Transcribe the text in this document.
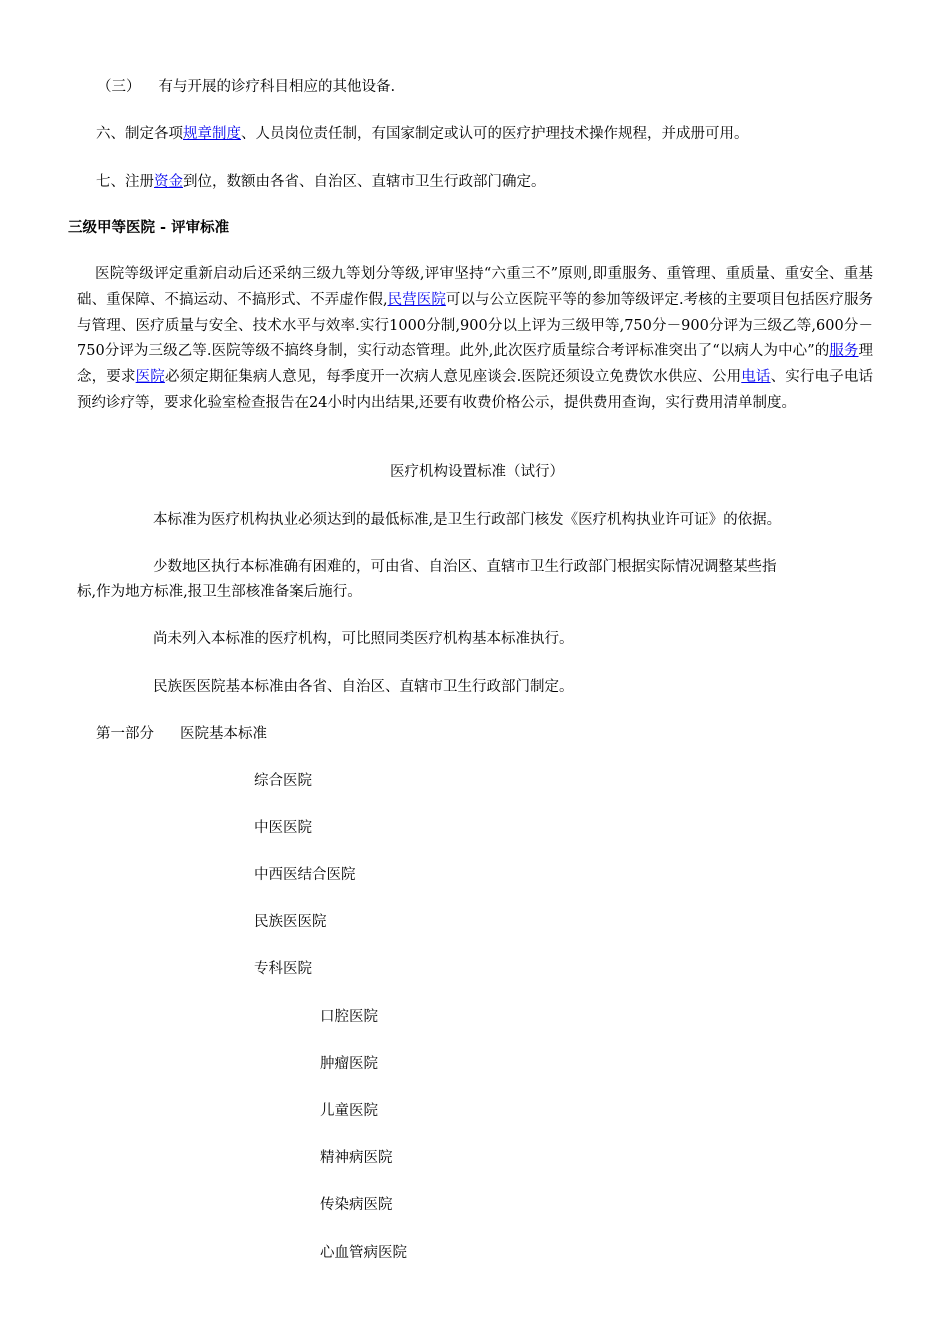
（三） 有与开展的诊疗科目相应的其他设备.
六、制定各项规章制度、人员岗位责任制，有国家制定或认可的医疗护理技术操作规程，并成册可用。
七、注册资金到位，数额由各省、自治区、直辖市卫生行政部门确定。
三级甲等医院 - 评审标准
医院等级评定重新启动后还采纳三级九等划分等级,评审坚持“六重三不”原则,即重服务、重管理、重质量、重安全、重基础、重保障、不搞运动、不搞形式、不弄虚作假,民营医院可以与公立医院平等的参加等级评定.考核的主要项目包括医疗服务与管理、医疗质量与安全、技术水平与效率.实行1000分制,900分以上评为三级甲等,750分－900分评为三级乙等,600分－750分评为三级乙等.医院等级不搞终身制，实行动态管理。此外,此次医疗质量综合考评标准突出了“以病人为中心”的服务理念，要求医院必须定期征集病人意见，每季度开一次病人意见座谈会.医院还须设立免费饮水供应、公用电话、实行电子电话预约诊疗等，要求化验室检查报告在24小时内出结果,还要有收费价格公示，提供费用查询，实行费用清单制度。
医疗机构设置标准（试行）
本标准为医疗机构执业必须达到的最低标准,是卫生行政部门核发《医疗机构执业许可证》的依据。
少数地区执行本标准确有困难的，可由省、自治区、直辖市卫生行政部门根据实际情况调整某些指
标,作为地方标准,报卫生部核准备案后施行。
尚未列入本标准的医疗机构，可比照同类医疗机构基本标准执行。
民族医医院基本标准由各省、自治区、直辖市卫生行政部门制定。
第一部分 医院基本标准
综合医院
中医医院
中西医结合医院
民族医医院
专科医院
口腔医院
肿瘤医院
儿童医院
精神病医院
传染病医院
心血管病医院
